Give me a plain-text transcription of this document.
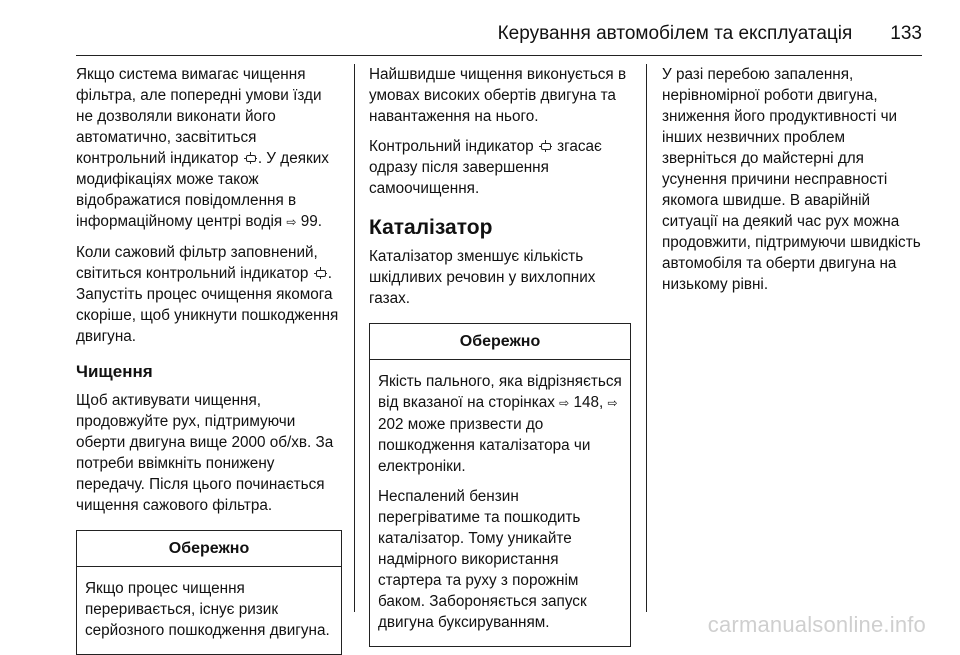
Керування автомобілем та експлуатація 133

Якщо система вимагає чищення фільтра, але попередні умови їзди не дозволяли виконати його автоматично, засвітиться контрольний індикатор . У деяких модифікаціях може також відображатися повідомлення в інформаційному центрі водія ⇨ 99.

Коли сажовий фільтр заповнений, світиться контрольний індикатор . Запустіть процес очищення якомога скоріше, щоб уникнути пошкодження двигуна.

Чищення

Щоб активувати чищення, продовжуйте рух, підтримуючи оберти двигуна вище 2000 об/хв. За потреби ввімкніть понижену передачу. Після цього починається чищення сажового фільтра.

Обережно

Якщо процес чищення переривається, існує ризик серйозного пошкодження двигуна.

Найшвидше чищення виконується в умовах високих обертів двигуна та навантаження на нього.

Контрольний індикатор згасає одразу після завершення самоочищення.

Каталізатор

Каталізатор зменшує кількість шкідливих речовин у вихлопних газах.

Обережно

Якість пального, яка відрізняється від вказаної на сторінках ⇨ 148, ⇨ 202 може призвести до пошкодження каталізатора чи електроніки.

Неспалений бензин перегріватиме та пошкодить каталізатор. Тому уникайте надмірного використання стартера та руху з порожнім баком. Забороняється запуск двигуна буксируванням.

У разі перебою запалення, нерівномірної роботи двигуна, зниження його продуктивності чи інших незвичних проблем зверніться до майстерні для усунення причини несправності якомога швидше. В аварійній ситуації на деякий час рух можна продовжити, підтримуючи швидкість автомобіля та оберти двигуна на низькому рівні.

carmanualsonline.info
